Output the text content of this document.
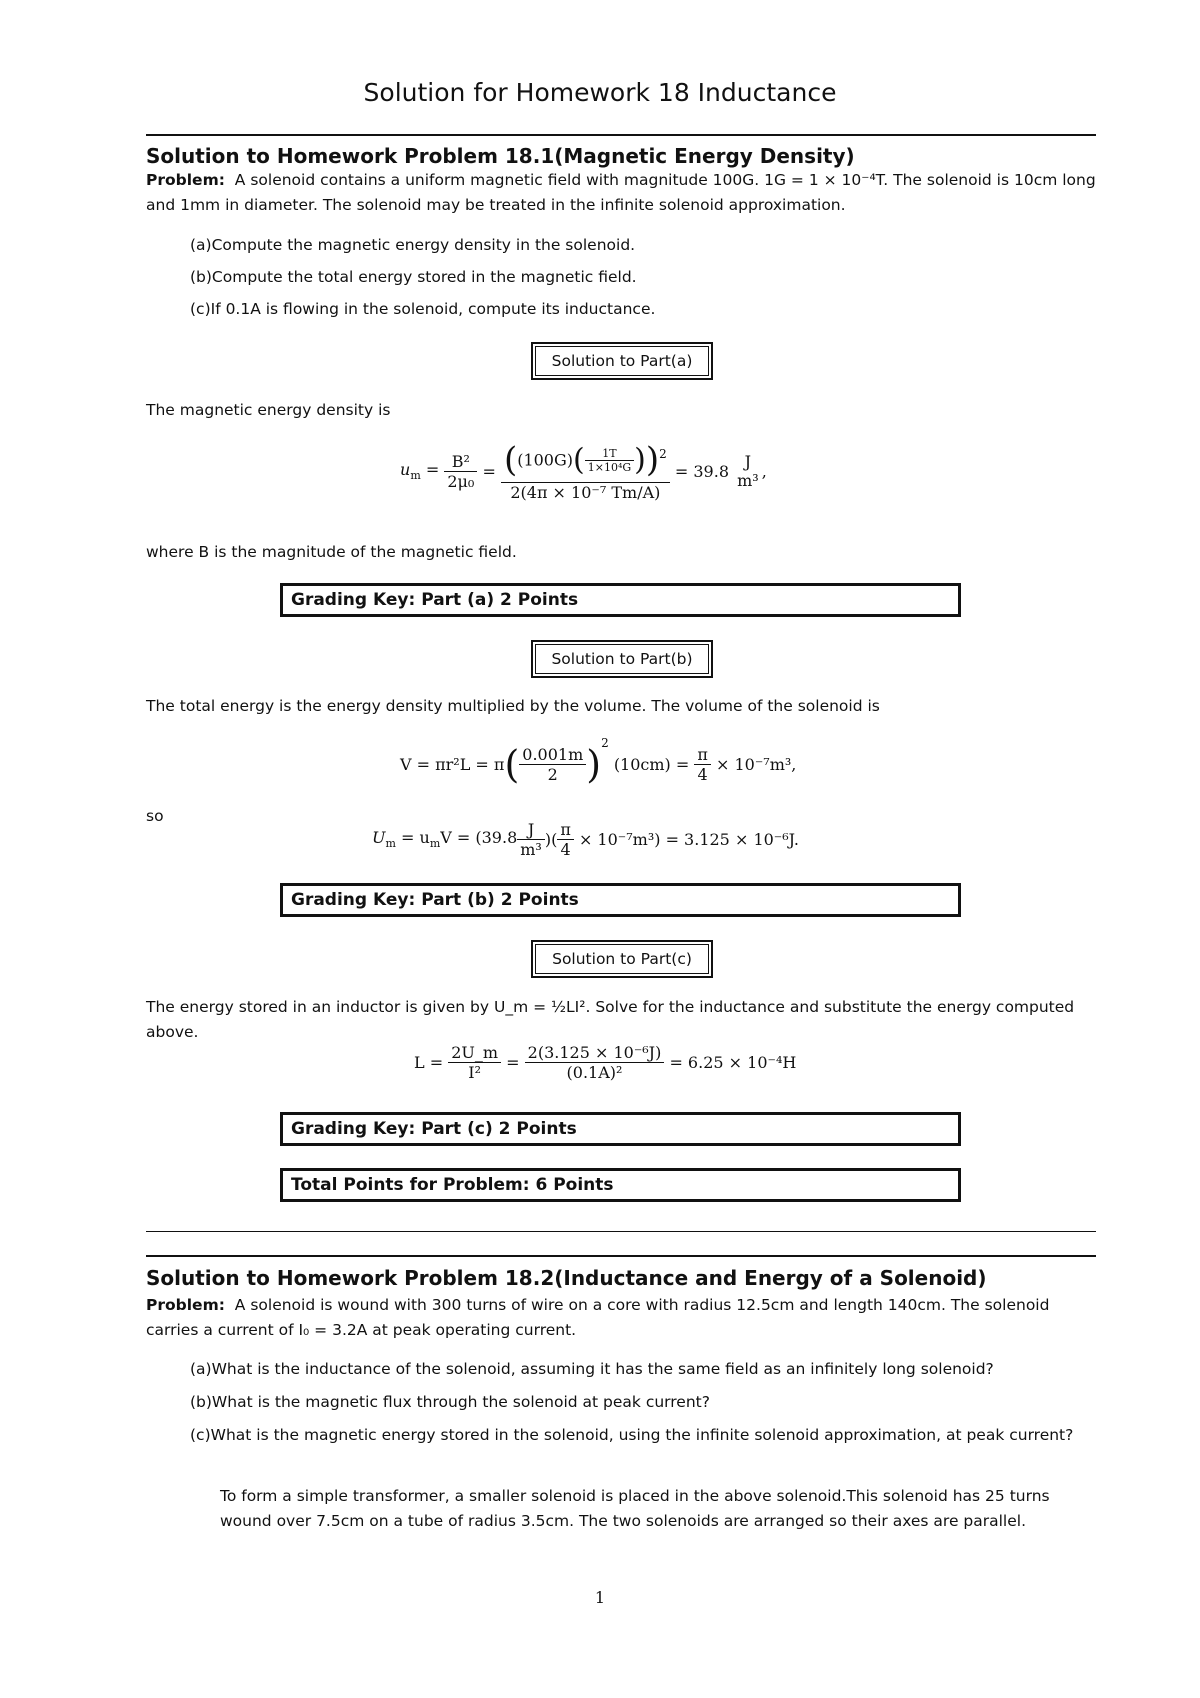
Solution for Homework 18 Inductance
Solution to Homework Problem 18.1(Magnetic Energy Density)
Problem: A solenoid contains a uniform magnetic field with magnitude 100G. 1G = 1 × 10⁻⁴T. The solenoid is 10cm long and 1mm in diameter. The solenoid may be treated in the infinite solenoid approximation.
(a)Compute the magnetic energy density in the solenoid.
(b)Compute the total energy stored in the magnetic field.
(c)If 0.1A is flowing in the solenoid, compute its inductance.
Solution to Part(a)
The magnetic energy density is
$u_m = \frac{\text{B²}}{\text{2μ₀}} = \frac{((100G)( \frac{1T}{\text{1×10⁴G}} ))^2}{\text{2(4π × 10⁻⁷ Tm/A)}} = 39.8$ J
m³ ,
where B is the magnitude of the magnetic field.
Grading Key: Part (a) 2 Points
Solution to Part(b)
The total energy is the energy density multiplied by the volume. The volume of the solenoid is
$V = \pi r^2L = \pi( \frac{0.001m}{2} )^2$ $(10cm) = \frac{\pi}{4} \times 10^{-7}m^3$,
so
$U_m = u_mV = (39.8 \frac{J}{\text{m³}}$ )( $\frac{\pi}{4} \times 10^{-7}m^3) = 3.125 \times 10^{-6}J$.
Grading Key: Part (b) 2 Points
Solution to Part(c)
The energy stored in an inductor is given by U_m = ½LI². Solve for the inductance and substitute the energy computed above.
$L = \frac{2U\_m}{\text{I²}} = \frac{\text{2(3.125 × 10⁻⁶J)}}{\text{(0.1A)²}} = 6.25 \times 10^{-4}H$
Grading Key: Part (c) 2 Points
Total Points for Problem: 6 Points
Solution to Homework Problem 18.2(Inductance and Energy of a Solenoid)
Problem: A solenoid is wound with 300 turns of wire on a core with radius 12.5cm and length 140cm. The solenoid carries a current of I₀ = 3.2A at peak operating current.
(a)What is the inductance of the solenoid, assuming it has the same field as an infinitely long solenoid?
(b)What is the magnetic flux through the solenoid at peak current?
(c)What is the magnetic energy stored in the solenoid, using the infinite solenoid approximation, at peak current?
To form a simple transformer, a smaller solenoid is placed in the above solenoid.This solenoid has 25 turns wound over 7.5cm on a tube of radius 3.5cm. The two solenoids are arranged so their axes are parallel.
1
